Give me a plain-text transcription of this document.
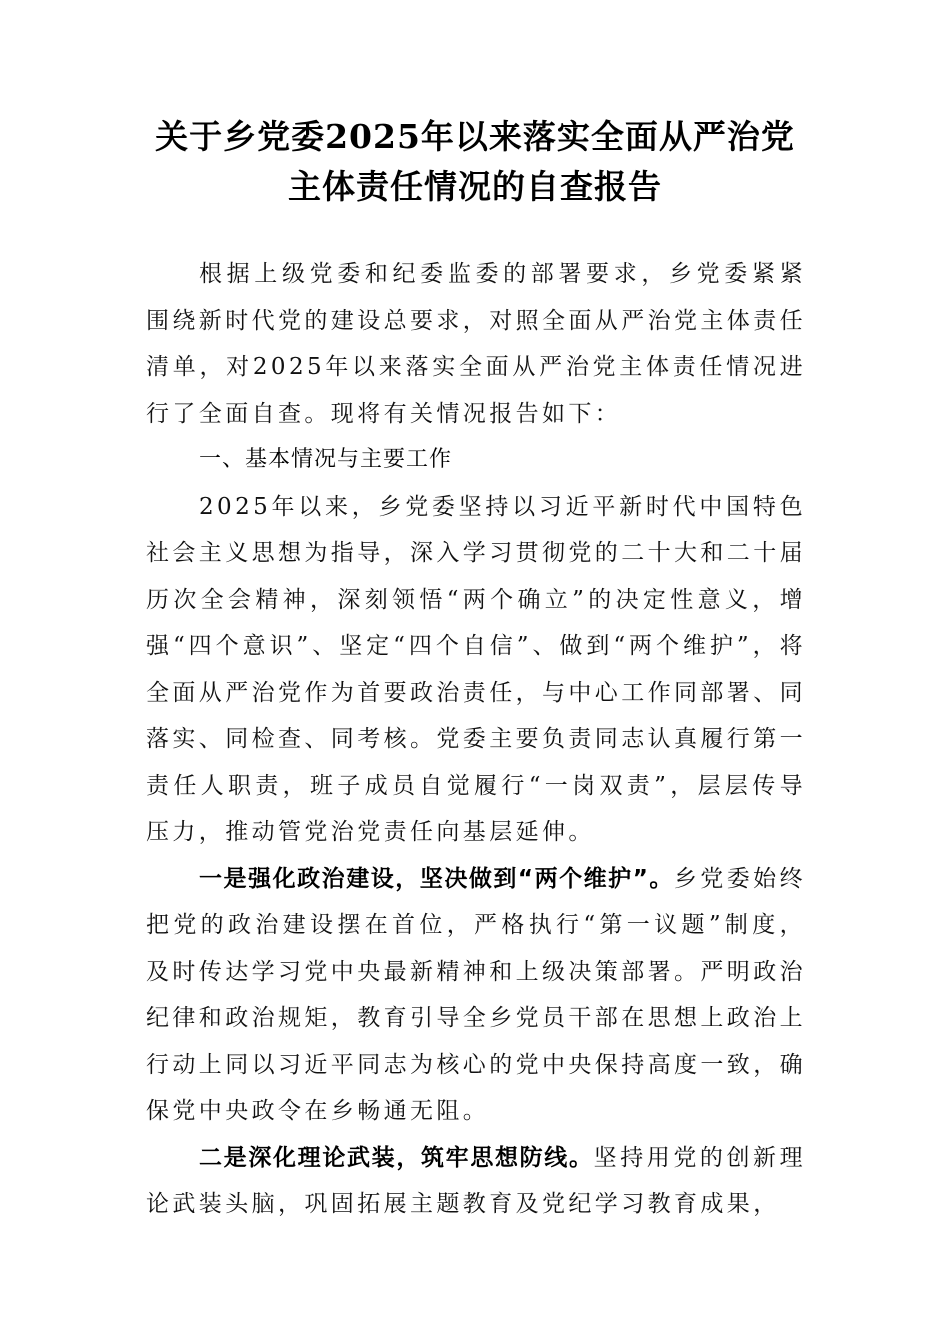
关于乡党委2025年以来落实全面从严治党
主体责任情况的自查报告

根据上级党委和纪委监委的部署要求，乡党委紧紧围绕新时代党的建设总要求，对照全面从严治党主体责任清单，对2025年以来落实全面从严治党主体责任情况进行了全面自查。现将有关情况报告如下：

一、基本情况与主要工作

2025年以来，乡党委坚持以习近平新时代中国特色社会主义思想为指导，深入学习贯彻党的二十大和二十届历次全会精神，深刻领悟“两个确立”的决定性意义，增强“四个意识”、坚定“四个自信”、做到“两个维护”，将全面从严治党作为首要政治责任，与中心工作同部署、同落实、同检查、同考核。党委主要负责同志认真履行第一责任人职责，班子成员自觉履行“一岗双责”，层层传导压力，推动管党治党责任向基层延伸。

一是强化政治建设，坚决做到“两个维护”。乡党委始终把党的政治建设摆在首位，严格执行“第一议题”制度，及时传达学习党中央最新精神和上级决策部署。严明政治纪律和政治规矩，教育引导全乡党员干部在思想上政治上行动上同以习近平同志为核心的党中央保持高度一致，确保党中央政令在乡畅通无阻。

二是深化理论武装，筑牢思想防线。坚持用党的创新理论武装头脑，巩固拓展主题教育及党纪学习教育成果，
